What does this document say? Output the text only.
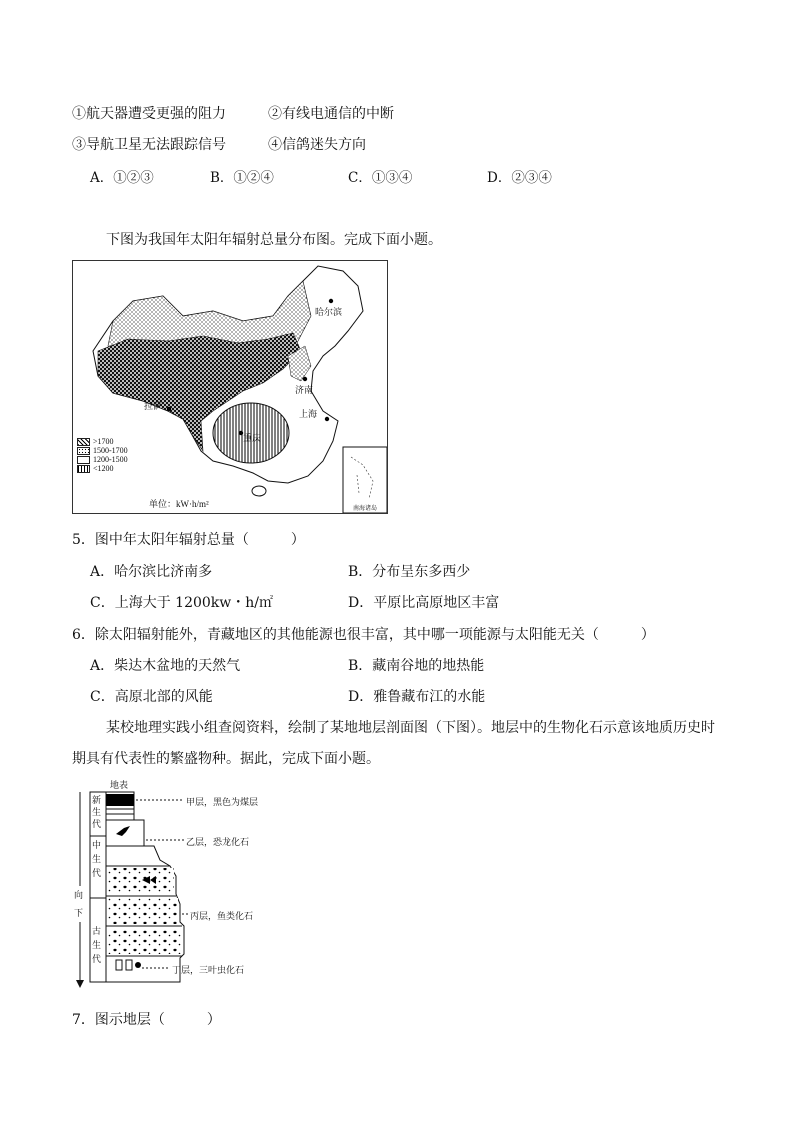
①航天器遭受更强的阻力	②有线电通信的中断
③导航卫星无法跟踪信号	④信鸽迷失方向
A．①②③	B．①②④	C．①③④	D．②③④
下图为我国年太阳年辐射总量分布图。完成下面小题。
哈尔滨
济南
拉萨
上海
重庆
南海诸岛
>1700
1500-1700
1200-1500
<1200
单位：kW·h/m²
5．图中年太阳年辐射总量（　　　）
A．哈尔滨比济南多	B．分布呈东多西少
C．上海大于 1200kw・h/㎡	D．平原比高原地区丰富
6．除太阳辐射能外，青藏地区的其他能源也很丰富，其中哪一项能源与太阳能无关（　　　）
A．柴达木盆地的天然气	B．藏南谷地的地热能
C．高原北部的风能	D．雅鲁藏布江的水能
某校地理实践小组查阅资料，绘制了某地地层剖面图（下图）。地层中的生物化石示意该地质历史时
期具有代表性的繁盛物种。据此，完成下面小题。
地表
新生代
中生代
古生代
向下
甲层，黑色为煤层
乙层，恐龙化石
丙层，鱼类化石
丁层，三叶虫化石
7．图示地层（　　　）
